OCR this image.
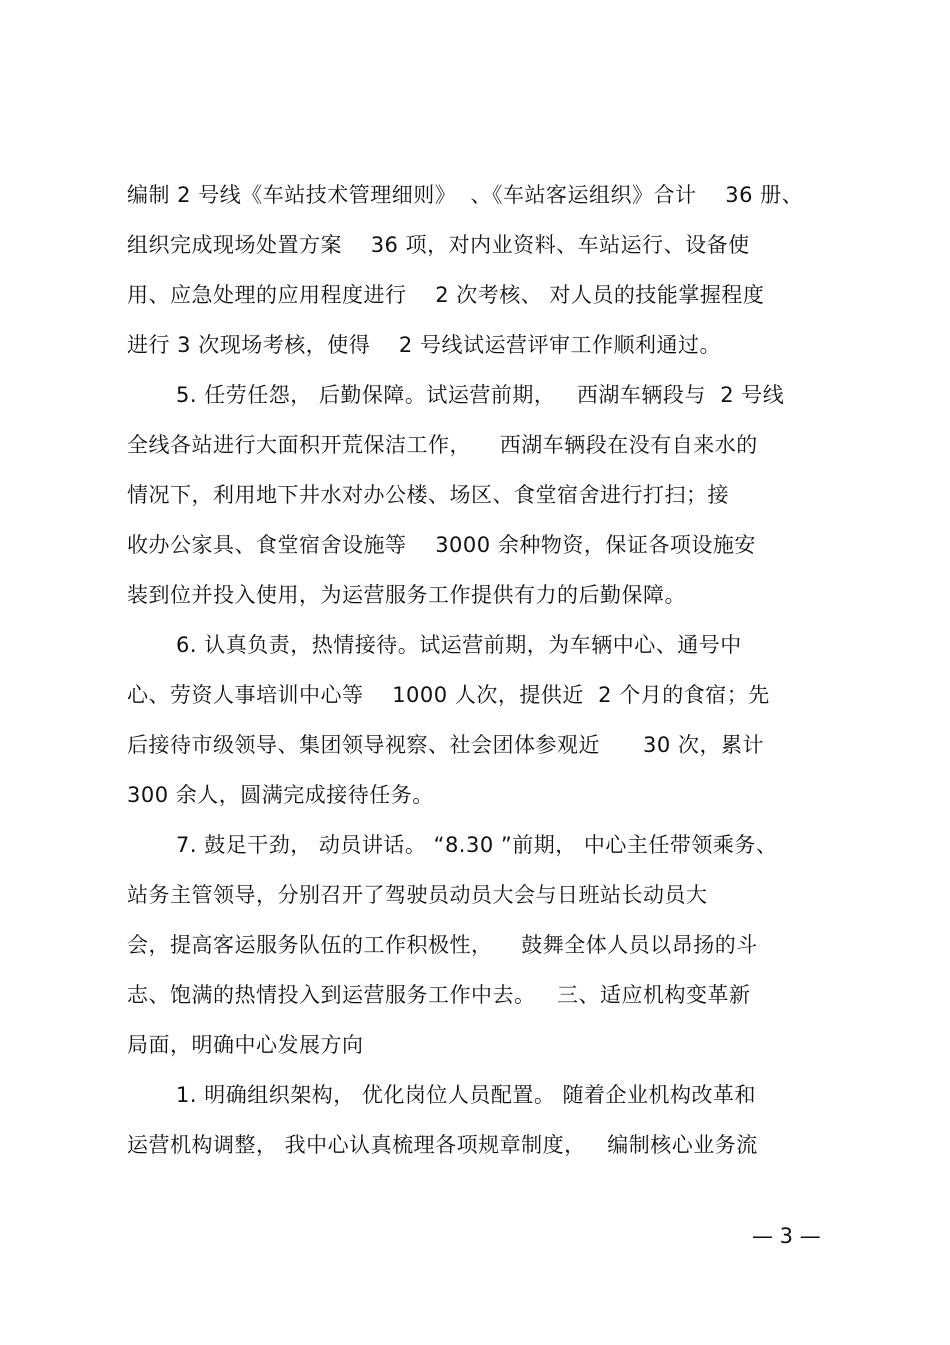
编制 2 号线《车站技术管理细则》  、《车站客运组织》合计    36 册、
组织完成现场处置方案    36 项，对内业资料、车站运行、设备使
用、应急处理的应用程度进行    2 次考核、 对人员的技能掌握程度
进行 3 次现场考核，使得    2 号线试运营评审工作顺利通过。
5. 任劳任怨， 后勤保障。试运营前期，   西湖车辆段与  2 号线
全线各站进行大面积开荒保洁工作，    西湖车辆段在没有自来水的
情况下，利用地下井水对办公楼、场区、食堂宿舍进行打扫；接
收办公家具、食堂宿舍设施等    3000 余种物资，保证各项设施安
装到位并投入使用，为运营服务工作提供有力的后勤保障。
6. 认真负责，热情接待。试运营前期，为车辆中心、通号中
心、劳资人事培训中心等    1000 人次，提供近  2 个月的食宿；先
后接待市级领导、集团领导视察、社会团体参观近      30 次，累计
300 余人，圆满完成接待任务。
7. 鼓足干劲， 动员讲话。 “8.30 ”前期， 中心主任带领乘务、
站务主管领导，分别召开了驾驶员动员大会与日班站长动员大
会，提高客运服务队伍的工作积极性，    鼓舞全体人员以昂扬的斗
志、饱满的热情投入到运营服务工作中去。   三、适应机构变革新
局面，明确中心发展方向
1. 明确组织架构， 优化岗位人员配置。 随着企业机构改革和
运营机构调整， 我中心认真梳理各项规章制度，   编制核心业务流
— 3 —
